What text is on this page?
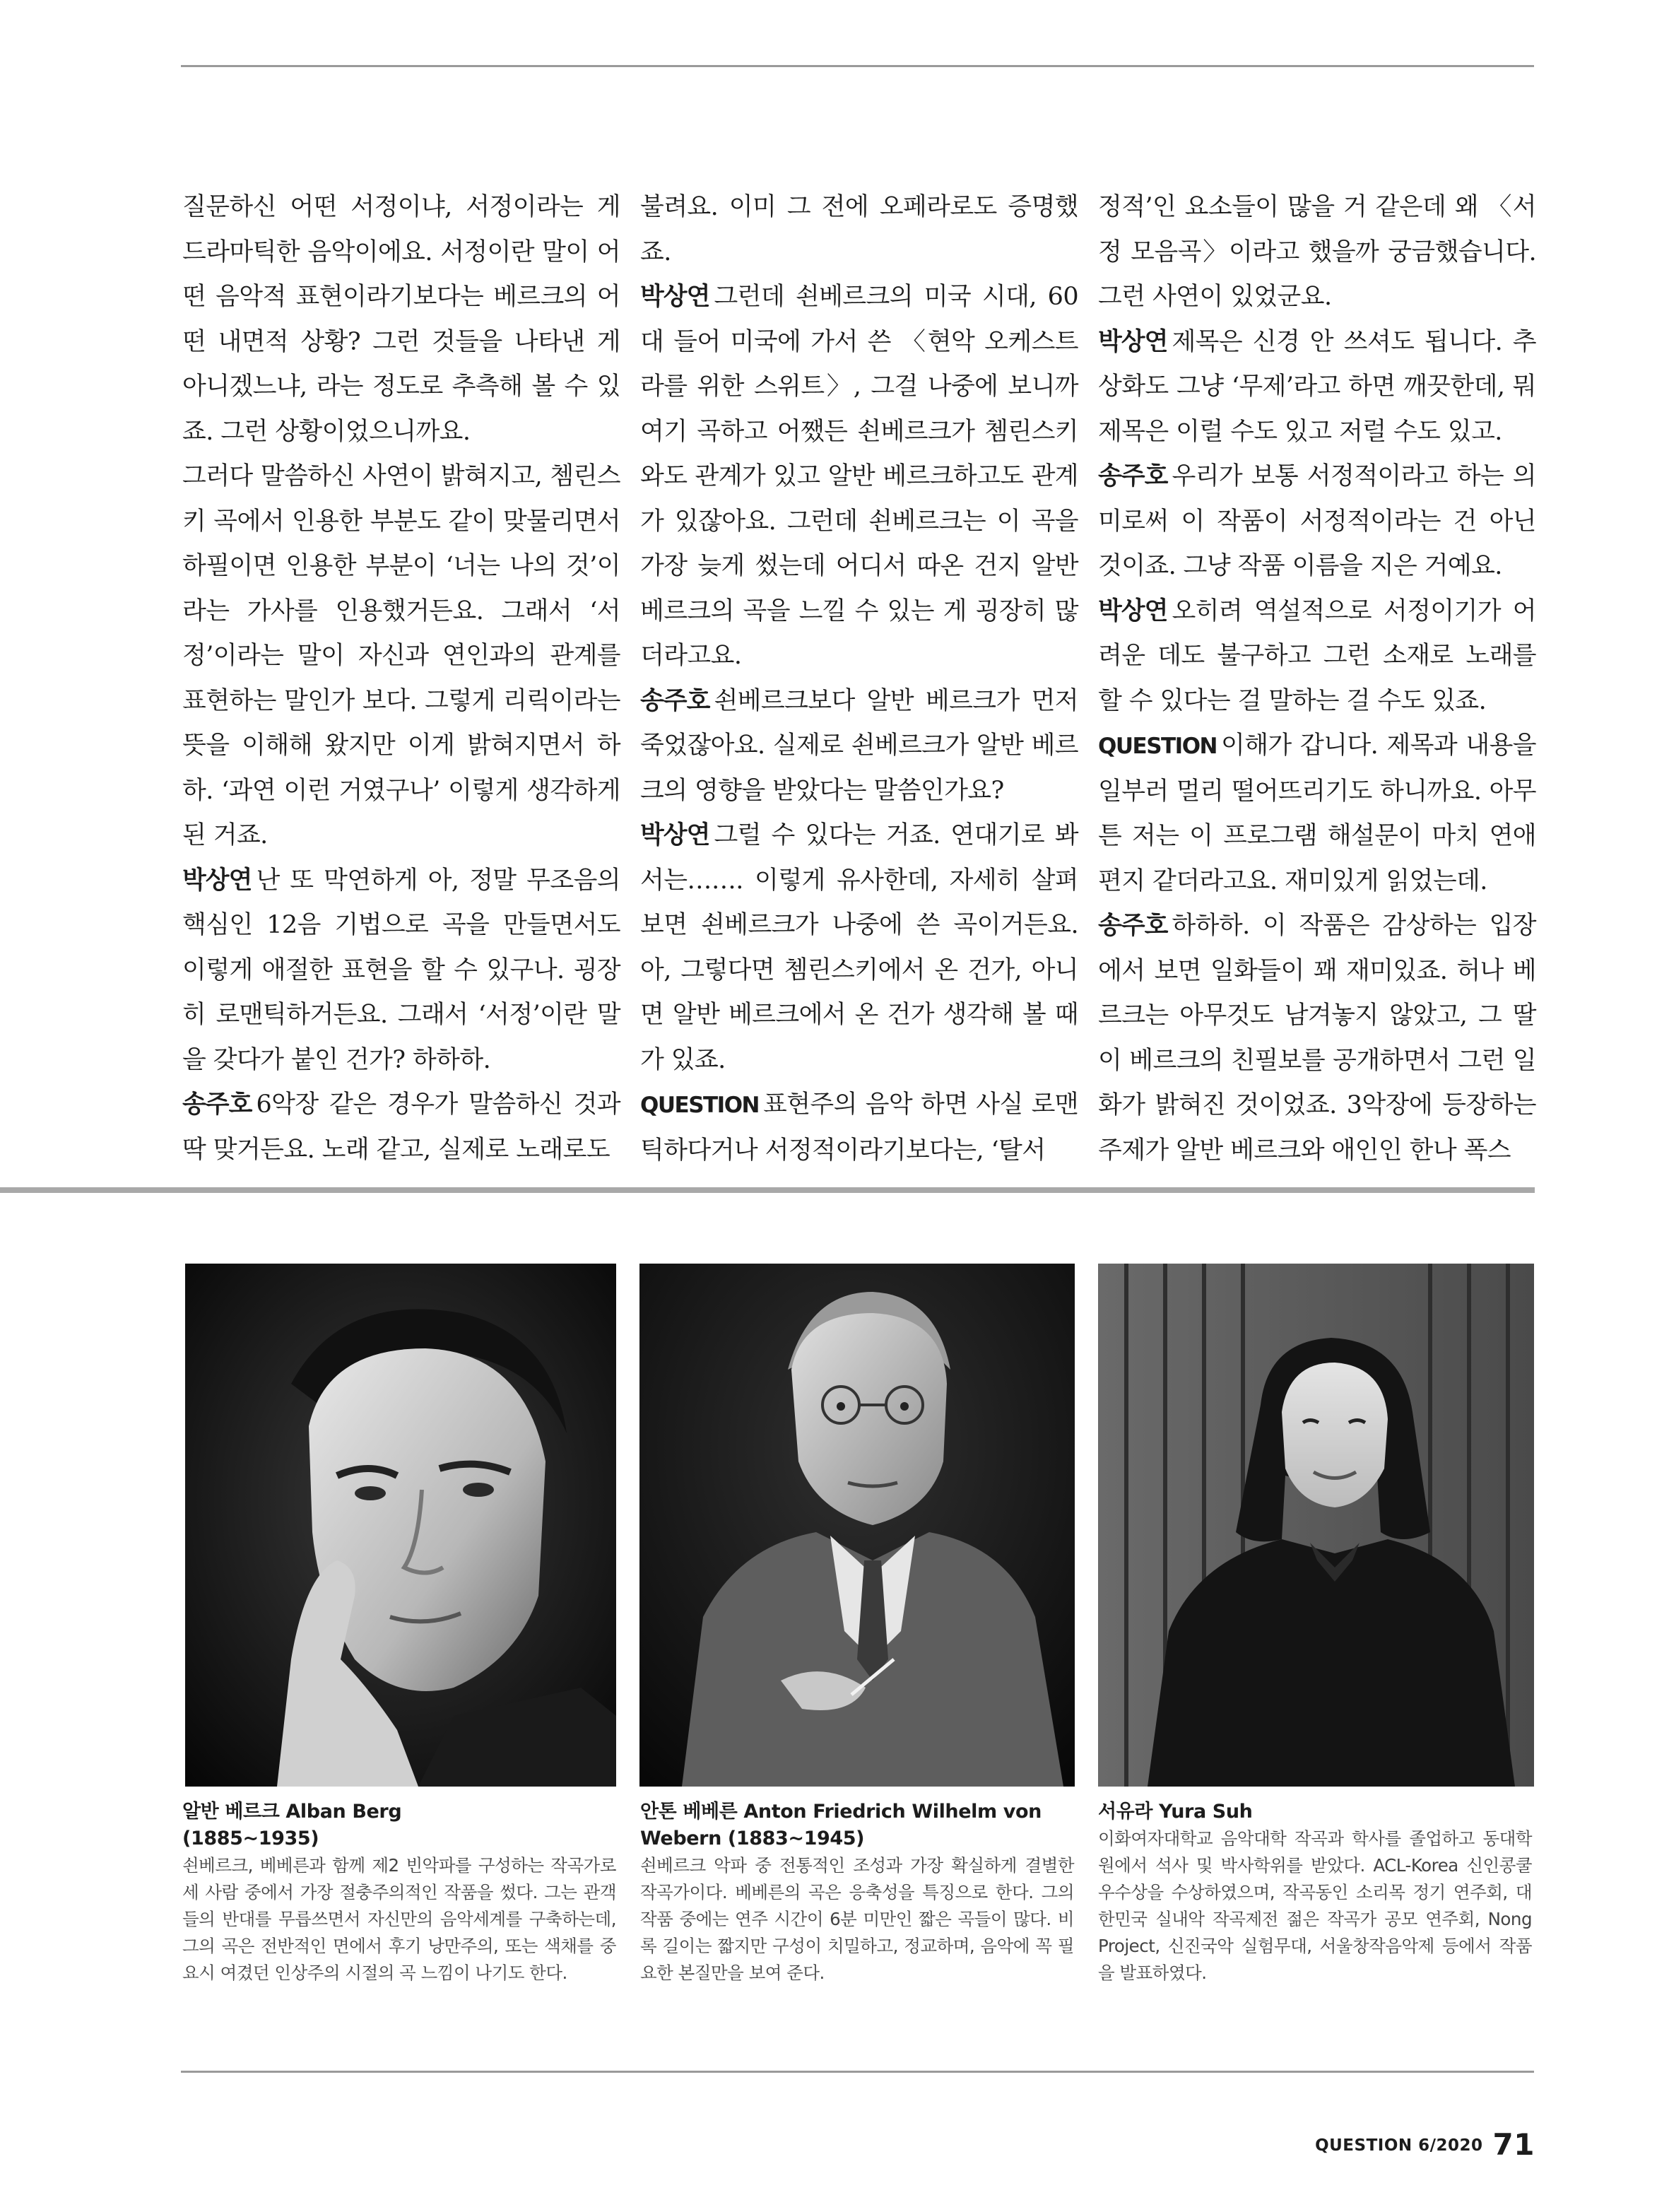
질문하신 어떤 서정이냐, 서정이라는 게 드라마틱한 음악이에요. 서정이란 말이 어떤 음악적 표현이라기보다는 베르크의 어떤 내면적 상황? 그런 것들을 나타낸 게 아니겠느냐, 라는 정도로 추측해 볼 수 있죠. 그런 상황이었으니까요.

그러다 말씀하신 사연이 밝혀지고, 쳄린스키 곡에서 인용한 부분도 같이 맞물리면서 하필이면 인용한 부분이 ‘너는 나의 것’이라는 가사를 인용했거든요. 그래서 ‘서정’이라는 말이 자신과 연인과의 관계를 표현하는 말인가 보다. 그렇게 리릭이라는 뜻을 이해해 왔지만 이게 밝혀지면서 하하. ‘과연 이런 거였구나’ 이렇게 생각하게 된 거죠.

박상연 난 또 막연하게 아, 정말 무조음의 핵심인 12음 기법으로 곡을 만들면서도 이렇게 애절한 표현을 할 수 있구나. 굉장히 로맨틱하거든요. 그래서 ‘서정’이란 말을 갖다가 붙인 건가? 하하하.

송주호 6악장 같은 경우가 말씀하신 것과 딱 맞거든요. 노래 같고, 실제로 노래로도

불려요. 이미 그 전에 오페라로도 증명했죠.

박상연 그런데 쇤베르크의 미국 시대, 60대 들어 미국에 가서 쓴 〈현악 오케스트라를 위한 스위트〉, 그걸 나중에 보니까 여기 곡하고 어쨌든 쇤베르크가 쳄린스키와도 관계가 있고 알반 베르크하고도 관계가 있잖아요. 그런데 쇤베르크는 이 곡을 가장 늦게 썼는데 어디서 따온 건지 알반 베르크의 곡을 느낄 수 있는 게 굉장히 많더라고요.

송주호 쇤베르크보다 알반 베르크가 먼저 죽었잖아요. 실제로 쇤베르크가 알반 베르크의 영향을 받았다는 말씀인가요?

박상연 그럴 수 있다는 거죠. 연대기로 봐서는……. 이렇게 유사한데, 자세히 살펴보면 쇤베르크가 나중에 쓴 곡이거든요. 아, 그렇다면 쳄린스키에서 온 건가, 아니면 알반 베르크에서 온 건가 생각해 볼 때가 있죠.

QUESTION 표현주의 음악 하면 사실 로맨틱하다거나 서정적이라기보다는, ‘탈서

정적’인 요소들이 많을 거 같은데 왜 〈서정 모음곡〉이라고 했을까 궁금했습니다. 그런 사연이 있었군요.

박상연 제목은 신경 안 쓰셔도 됩니다. 추상화도 그냥 ‘무제’라고 하면 깨끗한데, 뭐 제목은 이럴 수도 있고 저럴 수도 있고.

송주호 우리가 보통 서정적이라고 하는 의미로써 이 작품이 서정적이라는 건 아닌 것이죠. 그냥 작품 이름을 지은 거예요.

박상연 오히려 역설적으로 서정이기가 어려운 데도 불구하고 그런 소재로 노래를 할 수 있다는 걸 말하는 걸 수도 있죠.

QUESTION 이해가 갑니다. 제목과 내용을 일부러 멀리 떨어뜨리기도 하니까요. 아무튼 저는 이 프로그램 해설문이 마치 연애편지 같더라고요. 재미있게 읽었는데.

송주호 하하하. 이 작품은 감상하는 입장에서 보면 일화들이 꽤 재미있죠. 허나 베르크는 아무것도 남겨놓지 않았고, 그 딸이 베르크의 친필보를 공개하면서 그런 일화가 밝혀진 것이었죠. 3악장에 등장하는 주제가 알반 베르크와 애인인 한나 폭스

알반 베르크 Alban Berg

(1885~1935)

쇤베르크, 베베른과 함께 제2 빈악파를 구성하는 작곡가로 세 사람 중에서 가장 절충주의적인 작품을 썼다. 그는 관객들의 반대를 무릅쓰면서 자신만의 음악세계를 구축하는데, 그의 곡은 전반적인 면에서 후기 낭만주의, 또는 색채를 중요시 여겼던 인상주의 시절의 곡 느낌이 나기도 한다.

안톤 베베른 Anton Friedrich Wilhelm von Webern (1883~1945)

쇤베르크 악파 중 전통적인 조성과 가장 확실하게 결별한 작곡가이다. 베베른의 곡은 응축성을 특징으로 한다. 그의 작품 중에는 연주 시간이 6분 미만인 짧은 곡들이 많다. 비록 길이는 짧지만 구성이 치밀하고, 정교하며, 음악에 꼭 필요한 본질만을 보여 준다.

서유라 Yura Suh

이화여자대학교 음악대학 작곡과 학사를 졸업하고 동대학원에서 석사 및 박사학위를 받았다. ACL-Korea 신인콩쿨 우수상을 수상하였으며, 작곡동인 소리목 정기 연주회, 대한민국 실내악 작곡제전 젊은 작곡가 공모 연주회, Nong Project, 신진국악 실험무대, 서울창작음악제 등에서 작품을 발표하였다.

QUESTION 6/2020 71
